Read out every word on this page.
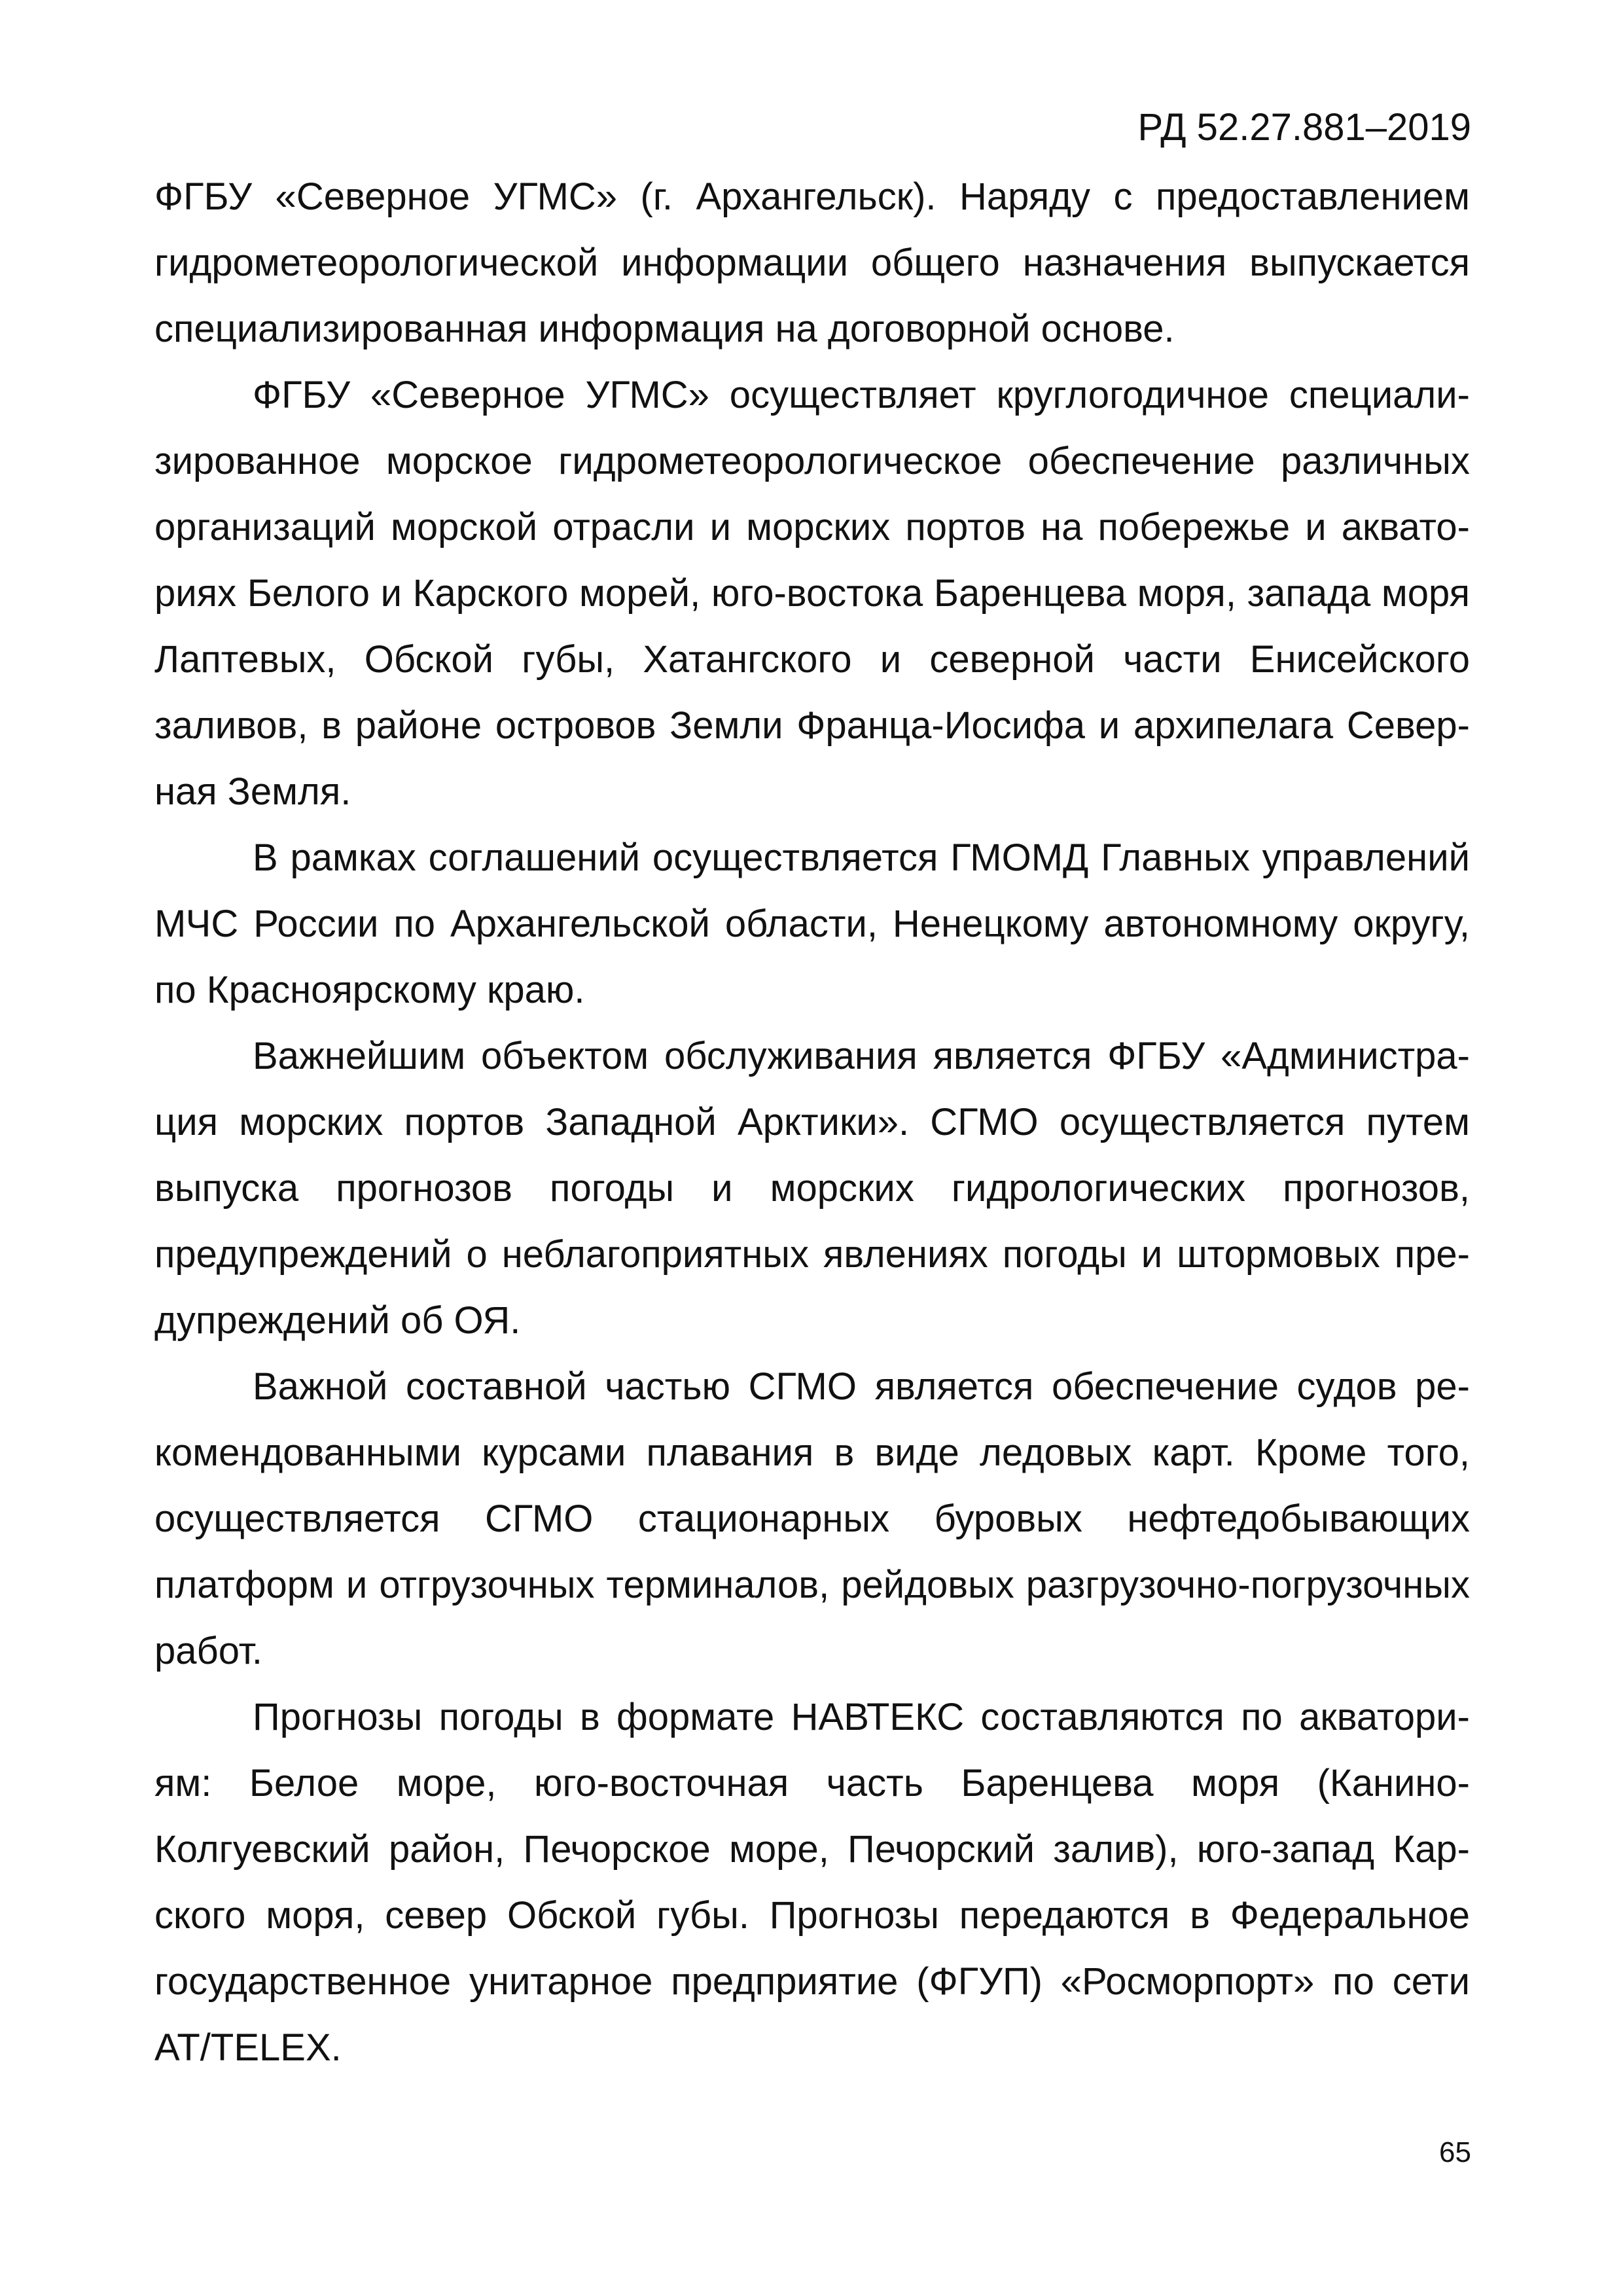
РД 52.27.881–2019

ФГБУ «Северное УГМС» (г. Архангельск). Наряду с предоставлением гидрометеорологической информации общего назначения выпускается специализированная информация на договорной основе.

ФГБУ «Северное УГМС» осуществляет круглогодичное специализированное морское гидрометеорологическое обеспечение различных организаций морской отрасли и морских портов на побережье и акваториях Белого и Карского морей, юго-востока Баренцева моря, запада моря Лаптевых, Обской губы, Хатангского и северной части Енисейского заливов, в районе островов Земли Франца-Иосифа и архипелага Северная Земля.

В рамках соглашений осуществляется ГМОМД Главных управлений МЧС России по Архангельской области, Ненецкому автономному округу, по Красноярскому краю.

Важнейшим объектом обслуживания является ФГБУ «Администрация морских портов Западной Арктики». СГМО осуществляется путем выпуска прогнозов погоды и морских гидрологических прогнозов, предупреждений о неблагоприятных явлениях погоды и штормовых предупреждений об ОЯ.

Важной составной частью СГМО является обеспечение судов рекомендованными курсами плавания в виде ледовых карт. Кроме того, осуществляется СГМО стационарных буровых нефтедобывающих платформ и отгрузочных терминалов, рейдовых разгрузочно-погрузочных работ.

Прогнозы погоды в формате НАВТЕКС составляются по акваториям: Белое море, юго-восточная часть Баренцева моря (Канино-Колгуевский район, Печорское море, Печорский залив), юго-запад Карского моря, север Обской губы. Прогнозы передаются в Федеральное государственное унитарное предприятие (ФГУП) «Росморпорт» по сети AT/TELEX.

65
